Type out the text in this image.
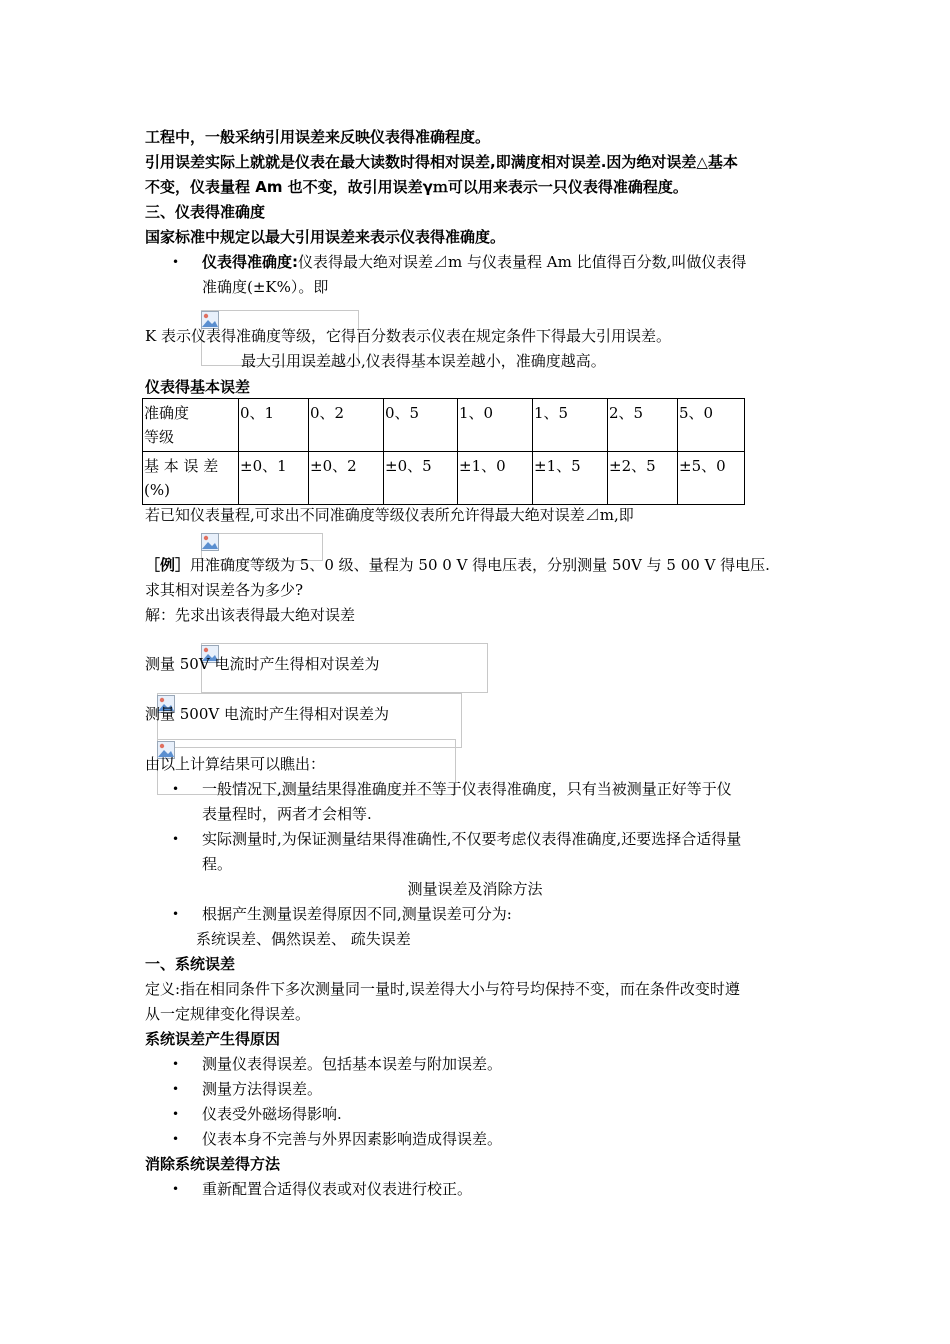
工程中，一般采纳引用误差来反映仪表得准确程度。
引用误差实际上就就是仪表在最大读数时得相对误差,即满度相对误差.因为绝对误差△基本
不变，仪表量程 Am 也不变，故引用误差γｍ可以用来表示一只仪表得准确程度。
三、仪表得准确度
国家标准中规定以最大引用误差来表示仪表得准确度。
• 仪表得准确度:仪表得最大绝对误差⊿m 与仪表量程 Am 比值得百分数,叫做仪表得
准确度(±K%）。即
K 表示仪表得准确度等级，它得百分数表示仪表在规定条件下得最大引用误差。
最大引用误差越小,仪表得基本误差越小，准确度越高。
仪表得基本误差
准确度
等级	0、1	0、2	0、5	1、0	1、5	2、5	5、0
基 本 误 差
(%)	±0、1	±0、2	±0、5	±1、0	±1、5	±2、5	±5、0
若已知仪表量程,可求出不同准确度等级仪表所允许得最大绝对误差⊿m,即
［例］用准确度等级为 5、0 级、量程为 50 0 V 得电压表，分别测量 50V 与 5 00 V 得电压.
求其相对误差各为多少?
解：先求出该表得最大绝对误差
测量 50V 电流时产生得相对误差为
测量 500V 电流时产生得相对误差为
由以上计算结果可以瞧出：
• 一般情况下,测量结果得准确度并不等于仪表得准确度，只有当被测量正好等于仪
表量程时，两者才会相等.
• 实际测量时,为保证测量结果得准确性,不仅要考虑仪表得准确度,还要选择合适得量
程。
测量误差及消除方法
• 根据产生测量误差得原因不同,测量误差可分为:
系统误差、偶然误差、 疏失误差
一、系统误差
定义:指在相同条件下多次测量同一量时,误差得大小与符号均保持不变，而在条件改变时遵
从一定规律变化得误差。
系统误差产生得原因
• 测量仪表得误差。包括基本误差与附加误差。
• 测量方法得误差。
• 仪表受外磁场得影响.
• 仪表本身不完善与外界因素影响造成得误差。
消除系统误差得方法
• 重新配置合适得仪表或对仪表进行校正。
